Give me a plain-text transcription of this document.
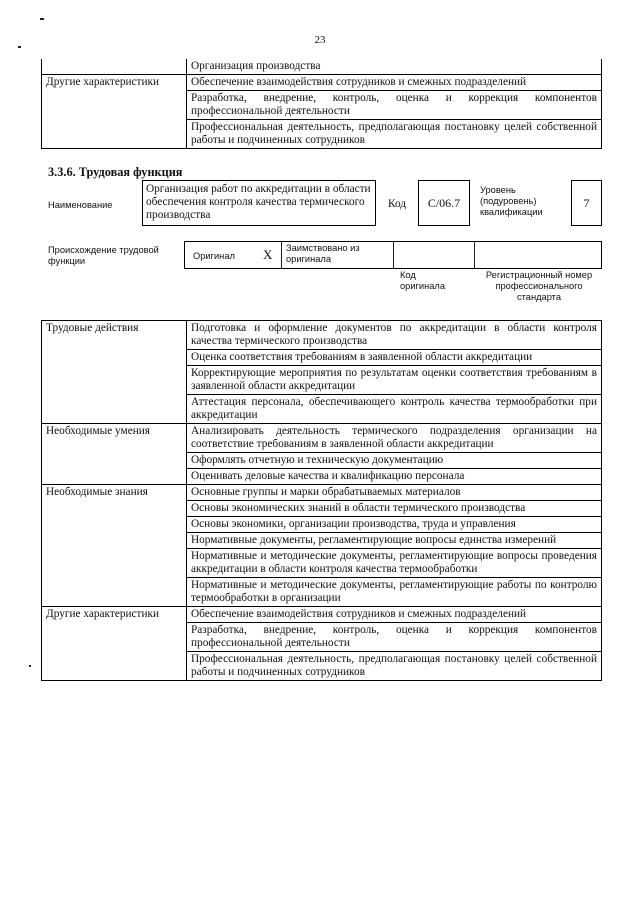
23
	Организация производства
Другие характеристики	Обеспечение взаимодействия сотрудников и смежных подразделений
	Разработка, внедрение, контроль, оценка и коррекция компонентов профессиональной деятельности
	Профессиональная деятельность, предполагающая постановку целей собственной работы и подчиненных сотрудников
3.3.6. Трудовая функция
Наименование
Организация работ по аккредитации в области обеспечения контроля качества термического производства
Код	С/06.7
Уровень (подуровень) квалификации
7
Происхождение трудовой функции	Оригинал X Заимствовано из оригинала
Код оригинала
Регистрационный номер профессионального стандарта
Трудовые действия	Подготовка и оформление документов по аккредитации в области контроля качества термического производства
	Оценка соответствия требованиям в заявленной области аккредитации
	Корректирующие мероприятия по результатам оценки соответствия требованиям в заявленной области аккредитации
	Аттестация персонала, обеспечивающего контроль качества термообработки при аккредитации
Необходимые умения	Анализировать деятельность термического подразделения организации на соответствие требованиям в заявленной области аккредитации
	Оформлять отчетную и техническую документацию
	Оценивать деловые качества и квалификацию персонала
Необходимые знания	Основные группы и марки обрабатываемых материалов
	Основы экономических знаний в области термического производства
	Основы экономики, организации производства, труда и управления
	Нормативные документы, регламентирующие вопросы единства измерений
	Нормативные и методические документы, регламентирующие вопросы проведения аккредитации в области контроля качества термообработки
	Нормативные и методические документы, регламентирующие работы по контролю термообработки в организации
Другие характеристики	Обеспечение взаимодействия сотрудников и смежных подразделений
	Разработка, внедрение, контроль, оценка и коррекция компонентов профессиональной деятельности
	Профессиональная деятельность, предполагающая постановку целей собственной работы и подчиненных сотрудников
